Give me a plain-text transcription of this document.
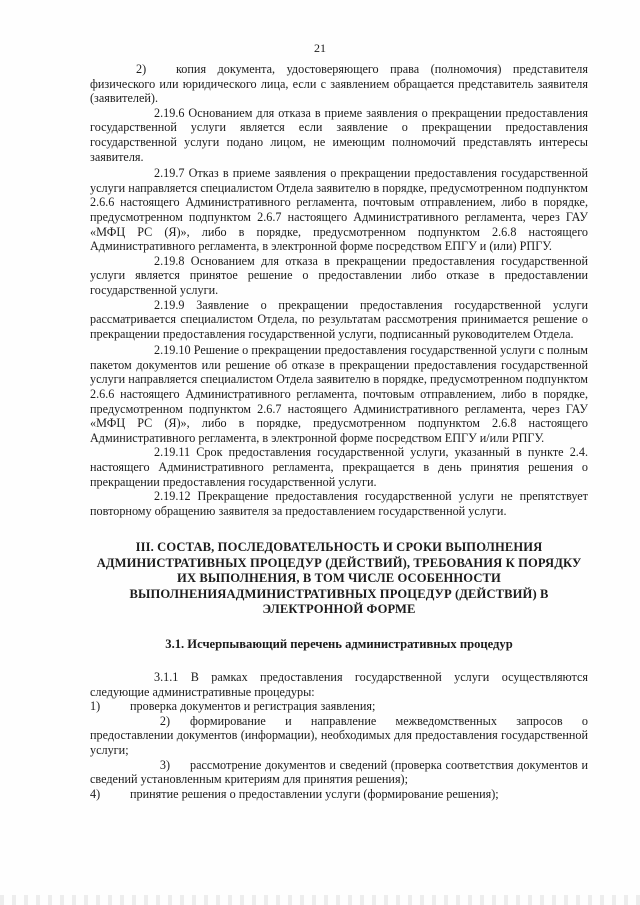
21
2)	копия документа, удостоверяющего права (полномочия) представителя физического или юридического лица, если с заявлением обращается представитель заявителя (заявителей).

2.19.6 Основанием для отказа в приеме заявления о прекращении предоставления государственной услуги является если заявление о прекращении предоставления государственной услуги подано лицом, не имеющим полномочий представлять интересы заявителя.

2.19.7 Отказ в приеме заявления о прекращении предоставления государственной услуги направляется специалистом Отдела заявителю в порядке, предусмотренном подпунктом 2.6.6 настоящего Административного регламента, почтовым отправлением, либо в порядке, предусмотренном подпунктом 2.6.7 настоящего Административного регламента, через ГАУ «МФЦ РС (Я)», либо в порядке, предусмотренном подпунктом 2.6.8 настоящего Административного регламента, в электронной форме посредством ЕПГУ и (или) РПГУ.

2.19.8 Основанием для отказа в прекращении предоставления государственной услуги является принятое решение о предоставлении либо отказе в предоставлении государственной услуги.

2.19.9 Заявление о прекращении предоставления государственной услуги рассматривается специалистом Отдела, по результатам рассмотрения принимается решение о прекращении предоставления государственной услуги, подписанный руководителем Отдела.

2.19.10 Решение о прекращении предоставления государственной услуги с полным пакетом документов или решение об отказе в прекращении предоставления государственной услуги направляется специалистом Отдела заявителю в порядке, предусмотренном подпунктом 2.6.6 настоящего Административного регламента, почтовым отправлением, либо в порядке, предусмотренном подпунктом 2.6.7 настоящего Административного регламента, через ГАУ «МФЦ РС (Я)», либо в порядке, предусмотренном подпунктом 2.6.8 настоящего Административного регламента, в электронной форме посредством ЕПГУ и/или РПГУ.

2.19.11 Срок предоставления государственной услуги, указанный в пункте 2.4. настоящего Административного регламента, прекращается в день принятия решения о прекращении предоставления государственной услуги.

2.19.12 Прекращение предоставления государственной услуги не препятствует повторному обращению заявителя за предоставлением государственной услуги.

III. СОСТАВ, ПОСЛЕДОВАТЕЛЬНОСТЬ И СРОКИ ВЫПОЛНЕНИЯ АДМИНИСТРАТИВНЫХ ПРОЦЕДУР (ДЕЙСТВИЙ), ТРЕБОВАНИЯ К ПОРЯДКУ ИХ ВЫПОЛНЕНИЯ, В ТОМ ЧИСЛЕ ОСОБЕННОСТИ ВЫПОЛНЕНИЯАДМИНИСТРАТИВНЫХ ПРОЦЕДУР (ДЕЙСТВИЙ) В ЭЛЕКТРОННОЙ ФОРМЕ
3.1. Исчерпывающий перечень административных процедур

3.1.1 В рамках предоставления государственной услуги осуществляются следующие административные процедуры:

1) проверка документов и регистрация заявления;

2) формирование и направление межведомственных запросов о предоставлении документов (информации), необходимых для предоставления государственной услуги;

3) рассмотрение документов и сведений (проверка соответствия документов и сведений установленным критериям для принятия решения);

4) принятие решения о предоставлении услуги (формирование решения);
